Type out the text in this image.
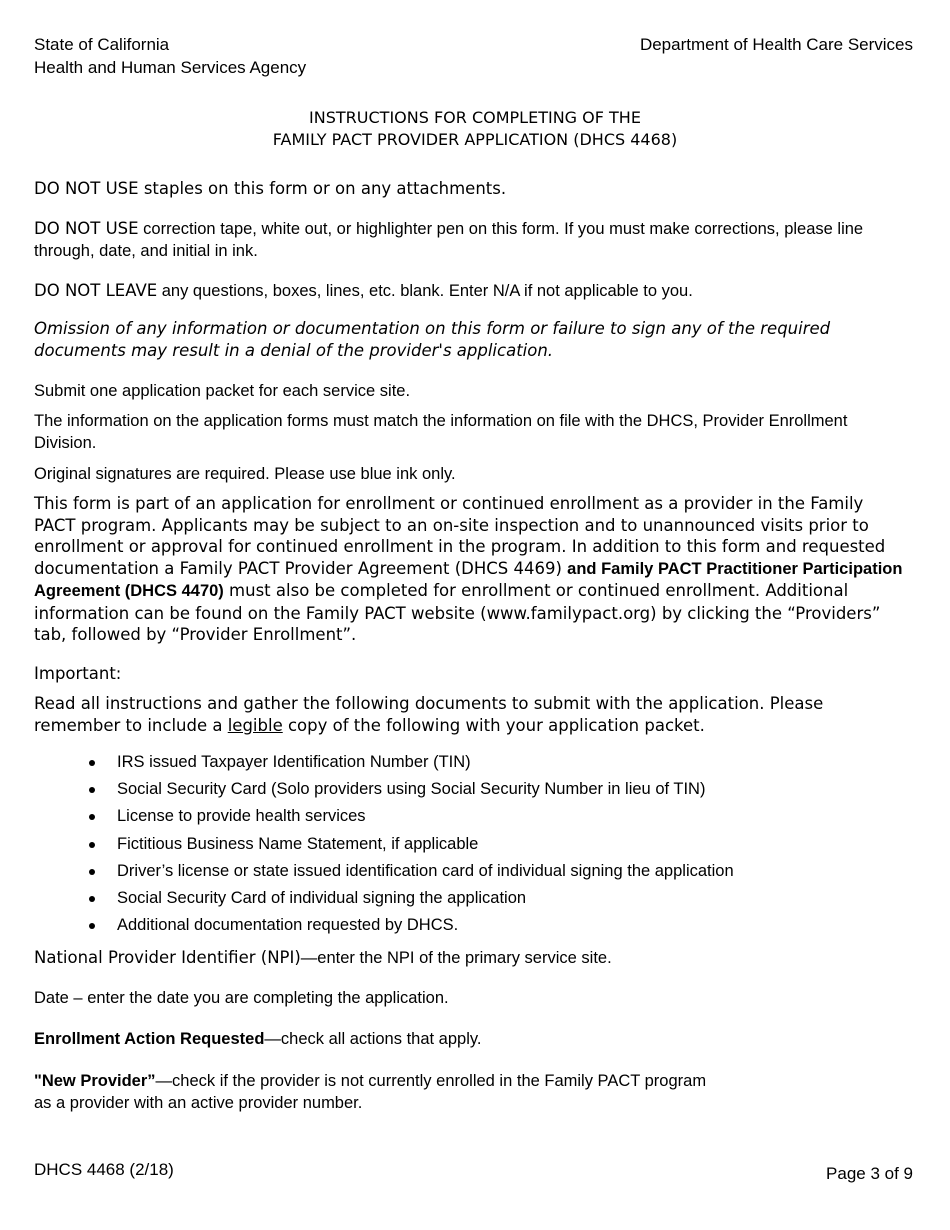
State of California
Health and Human Services Agency
Department of Health Care Services
INSTRUCTIONS FOR COMPLETING OF THE
FAMILY PACT PROVIDER APPLICATION (DHCS 4468)
DO NOT USE staples on this form or on any attachments.
DO NOT USE correction tape, white out, or highlighter pen on this form. If you must make corrections, please line through, date, and initial in ink.
DO NOT LEAVE any questions, boxes, lines, etc. blank. Enter N/A if not applicable to you.
Omission of any information or documentation on this form or failure to sign any of the required documents may result in a denial of the provider's application.
Submit one application packet for each service site.
The information on the application forms must match the information on file with the DHCS, Provider Enrollment Division.
Original signatures are required. Please use blue ink only.
This form is part of an application for enrollment or continued enrollment as a provider in the Family PACT program. Applicants may be subject to an on-site inspection and to unannounced visits prior to enrollment or approval for continued enrollment in the program. In addition to this form and requested documentation a Family PACT Provider Agreement (DHCS 4469) and Family PACT Practitioner Participation Agreement (DHCS 4470) must also be completed for enrollment or continued enrollment. Additional information can be found on the Family PACT website (www.familypact.org) by clicking the “Providers” tab, followed by “Provider Enrollment”.
Important:
Read all instructions and gather the following documents to submit with the application. Please remember to include a legible copy of the following with your application packet.
IRS issued Taxpayer Identification Number (TIN)
Social Security Card (Solo providers using Social Security Number in lieu of TIN)
License to provide health services
Fictitious Business Name Statement, if applicable
Driver’s license or state issued identification card of individual signing the application
Social Security Card of individual signing the application
Additional documentation requested by DHCS.
National Provider Identifier (NPI)—enter the NPI of the primary service site.
Date – enter the date you are completing the application.
Enrollment Action Requested—check all actions that apply.
"New Provider”—check if the provider is not currently enrolled in the Family PACT program
as a provider with an active provider number.
DHCS 4468 (2/18)	Page 3 of 9
